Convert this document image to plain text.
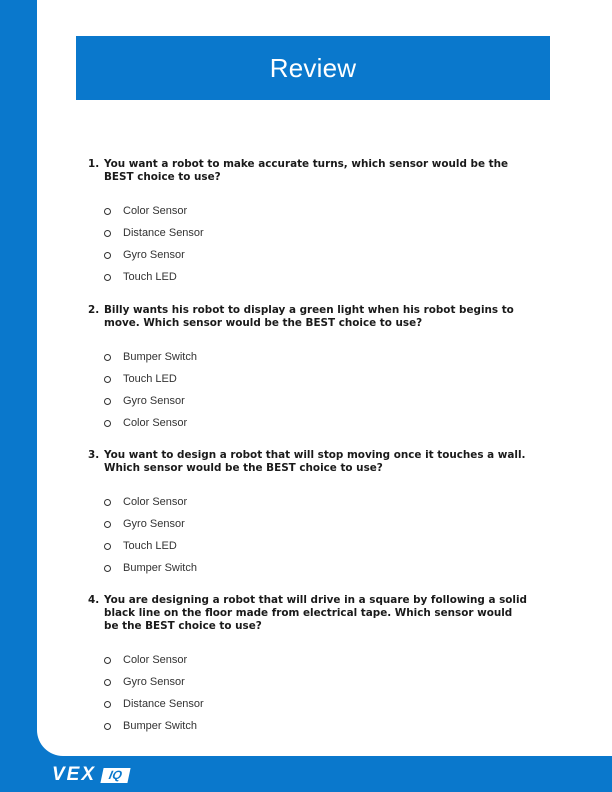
Review
1. You want a robot to make accurate turns, which sensor would be the BEST choice to use?
Color Sensor
Distance Sensor
Gyro Sensor
Touch LED
2. Billy wants his robot to display a green light when his robot begins to move. Which sensor would be the BEST choice to use?
Bumper Switch
Touch LED
Gyro Sensor
Color Sensor
3. You want to design a robot that will stop moving once it touches a wall. Which sensor would be the BEST choice to use?
Color Sensor
Gyro Sensor
Touch LED
Bumper Switch
4. You are designing a robot that will drive in a square by following a solid black line on the floor made from electrical tape. Which sensor would be the BEST choice to use?
Color Sensor
Gyro Sensor
Distance Sensor
Bumper Switch
VEX IQ
